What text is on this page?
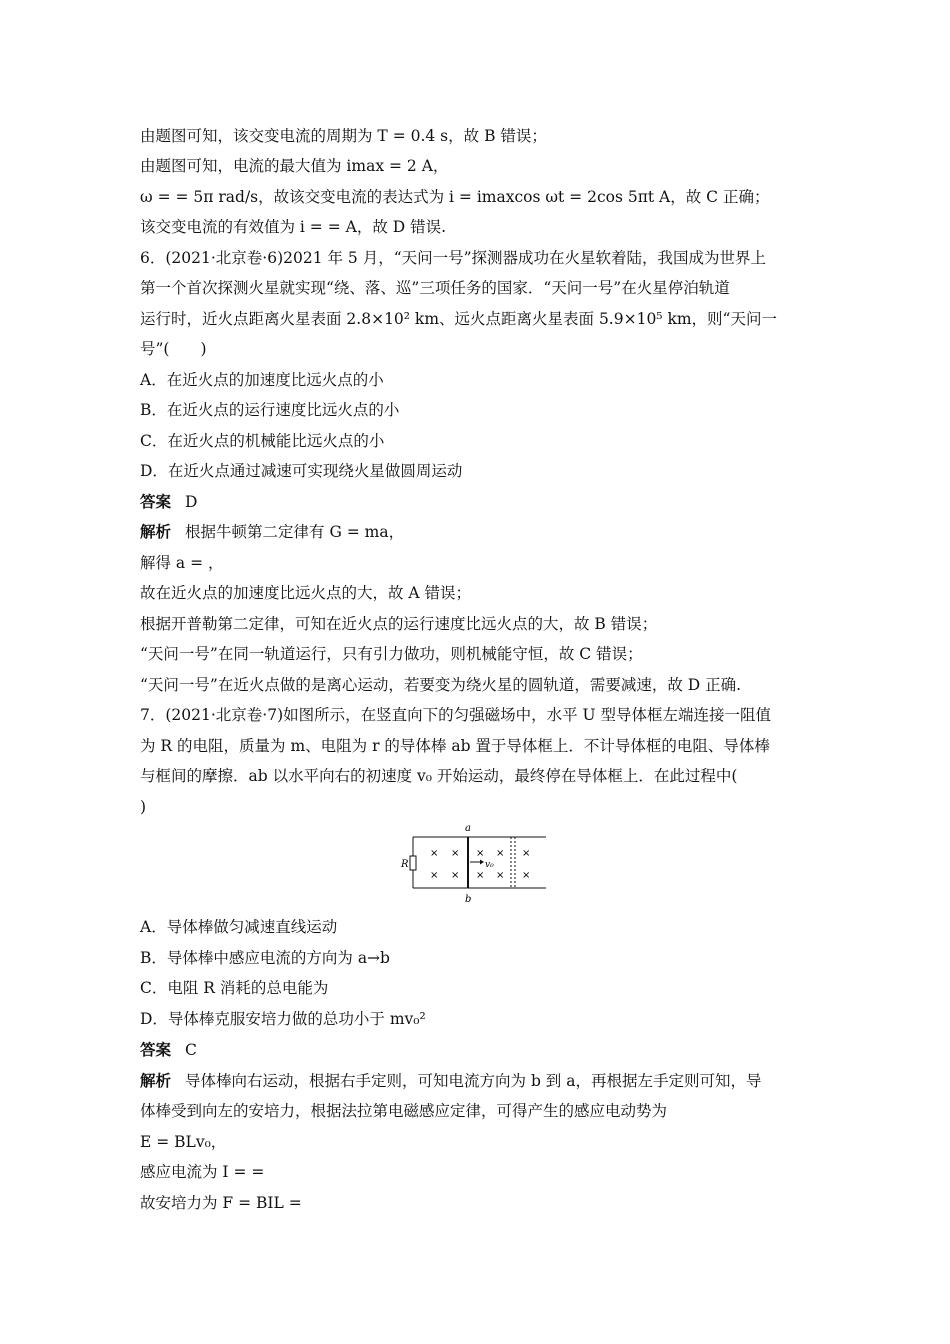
由题图可知，该交变电流的周期为 T = 0.4 s，故 B 错误；
由题图可知，电流的最大值为 imax = 2 A，
ω = = 5π rad/s，故该交变电流的表达式为 i = imaxcos ωt = 2cos 5πt A，故 C 正确；
该交变电流的有效值为 i = = A，故 D 错误.
6．(2021·北京卷·6)2021 年 5 月，“天问一号”探测器成功在火星软着陆，我国成为世界上
第一个首次探测火星就实现“绕、落、巡”三项任务的国家．“天问一号”在火星停泊轨道
运行时，近火点距离火星表面 2.8×10² km、远火点距离火星表面 5.9×10⁵ km，则“天问一
号”(　　)
A．在近火点的加速度比远火点的小
B．在近火点的运行速度比远火点的小
C．在近火点的机械能比远火点的小
D．在近火点通过减速可实现绕火星做圆周运动
答案 D
解析 根据牛顿第二定律有 G = ma，
解得 a = ，
故在近火点的加速度比远火点的大，故 A 错误；
根据开普勒第二定律，可知在近火点的运行速度比远火点的大，故 B 错误；
“天问一号”在同一轨道运行，只有引力做功，则机械能守恒，故 C 错误；
“天问一号”在近火点做的是离心运动，若要变为绕火星的圆轨道，需要减速，故 D 正确.
7．(2021·北京卷·7)如图所示，在竖直向下的匀强磁场中，水平 U 型导体框左端连接一阻值
为 R 的电阻，质量为 m、电阻为 r 的导体棒 ab 置于导体框上．不计导体框的电阻、导体棒
与框间的摩擦．ab 以水平向右的初速度 v₀ 开始运动，最终停在导体框上．在此过程中(
)
R
a
b
v₀
× × × × ×
× × × × ×
A．导体棒做匀减速直线运动
B．导体棒中感应电流的方向为 a→b
C．电阻 R 消耗的总电能为
D．导体棒克服安培力做的总功小于 mv₀²
答案 C
解析 导体棒向右运动，根据右手定则，可知电流方向为 b 到 a，再根据左手定则可知，导
体棒受到向左的安培力，根据法拉第电磁感应定律，可得产生的感应电动势为
E = BLv₀，
感应电流为 I = =
故安培力为 F = BIL =
